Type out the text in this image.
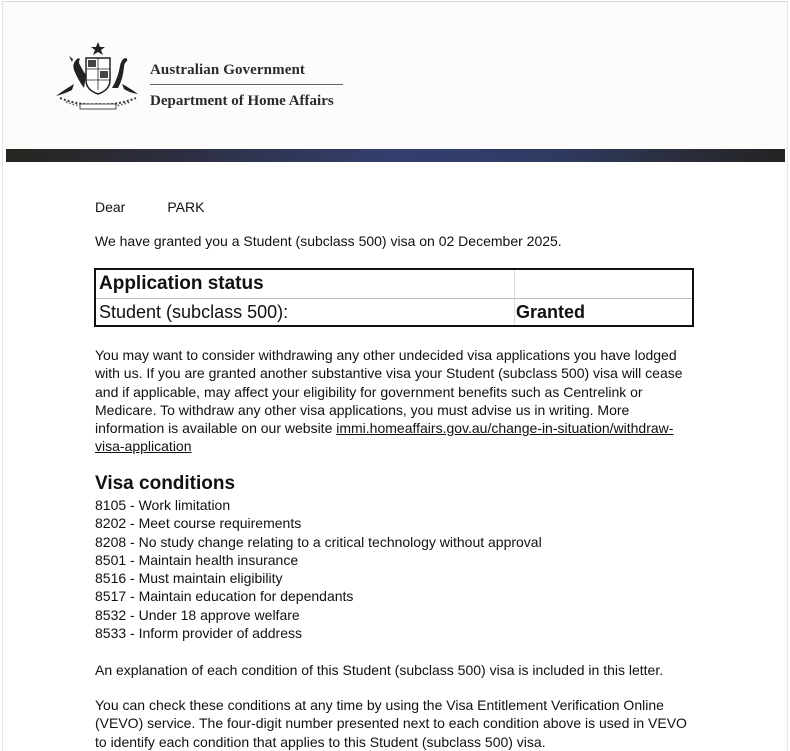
Australian Government
Department of Home Affairs
Dear	PARK
We have granted you a Student (subclass 500) visa on 02 December 2025.
Application status
Student (subclass 500):	Granted
You may want to consider withdrawing any other undecided visa applications you have lodged with us. If you are granted another substantive visa your Student (subclass 500) visa will cease and if applicable, may affect your eligibility for government benefits such as Centrelink or Medicare. To withdraw any other visa applications, you must advise us in writing. More information is available on our website immi.homeaffairs.gov.au/change-in-situation/withdraw-visa-application
Visa conditions
8105 - Work limitation
8202 - Meet course requirements
8208 - No study change relating to a critical technology without approval
8501 - Maintain health insurance
8516 - Must maintain eligibility
8517 - Maintain education for dependants
8532 - Under 18 approve welfare
8533 - Inform provider of address
An explanation of each condition of this Student (subclass 500) visa is included in this letter.
You can check these conditions at any time by using the Visa Entitlement Verification Online (VEVO) service. The four-digit number presented next to each condition above is used in VEVO to identify each condition that applies to this Student (subclass 500) visa.
